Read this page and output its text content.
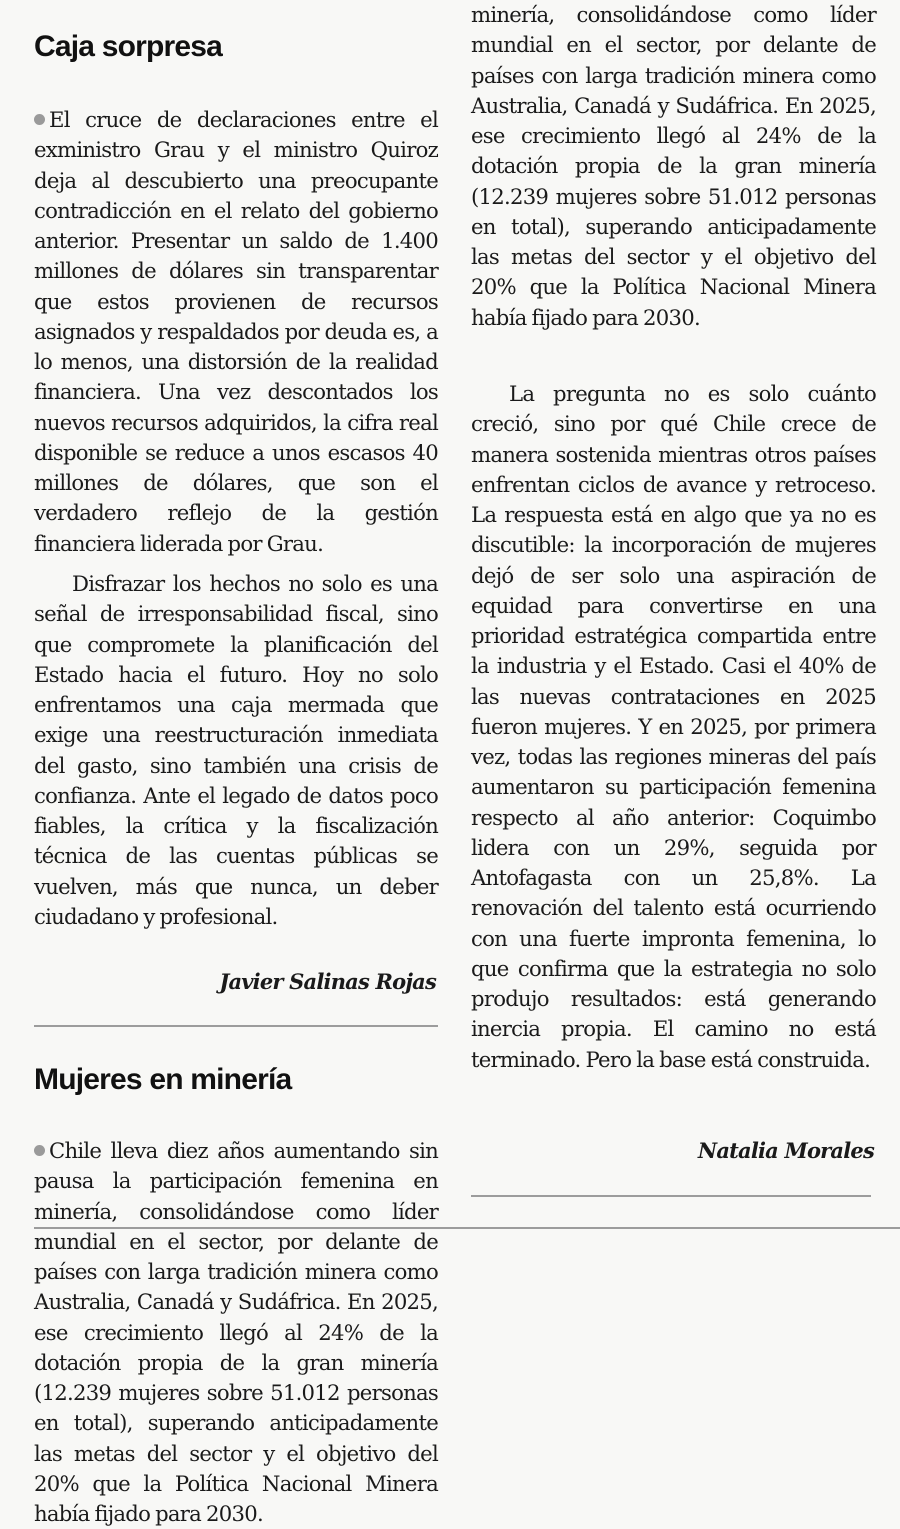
Caja sorpresa

El cruce de declaraciones entre el exministro Grau y el ministro Quiroz deja al descubierto una preocupante contradicción en el relato del gobierno anterior. Presentar un saldo de 1.400 millones de dólares sin transparentar que estos provienen de recursos asignados y respaldados por deuda es, a lo menos, una distorsión de la realidad financiera. Una vez descontados los nuevos recursos adquiridos, la cifra real disponible se reduce a unos escasos 40 millones de dólares, que son el verdadero reflejo de la gestión financiera liderada por Grau.

Disfrazar los hechos no solo es una señal de irresponsabilidad fiscal, sino que compromete la planificación del Estado hacia el futuro. Hoy no solo enfrentamos una caja mermada que exige una reestructuración inmediata del gasto, sino también una crisis de confianza. Ante el legado de datos poco fiables, la crítica y la fiscalización técnica de las cuentas públicas se vuelven, más que nunca, un deber ciudadano y profesional.

Javier Salinas Rojas

Mujeres en minería

Chile lleva diez años aumentando sin pausa la participación femenina en minería, consolidándose como líder mundial en el sector, por delante de países con larga tradición minera como Australia, Canadá y Sudáfrica. En 2025, ese crecimiento llegó al 24% de la dotación propia de la gran minería (12.239 mujeres sobre 51.012 personas en total), superando anticipadamente las metas del sector y el objetivo del 20% que la Política Nacional Minera había fijado para 2030.

La pregunta no es solo cuánto creció, sino por qué Chile crece de manera sostenida mientras otros países enfrentan ciclos de avance y retroceso. La respuesta está en algo que ya no es discutible: la incorporación de mujeres dejó de ser solo una aspiración de equidad para convertirse en una prioridad estratégica compartida entre la industria y el Estado. Casi el 40% de las nuevas contrataciones en 2025 fueron mujeres. Y en 2025, por primera vez, todas las regiones mineras del país aumentaron su participación femenina respecto al año anterior: Coquimbo lidera con un 29%, seguida por Antofagasta con un 25,8%. La renovación del talento está ocurriendo con una fuerte impronta femenina, lo que confirma que la estrategia no solo produjo resultados: está generando inercia propia. El camino no está terminado. Pero la base está construida.

Natalia Morales

minería, consolidándose como líder mundial en el sector, por delante de países con larga tradición minera como Australia, Canadá y Sudáfrica. En 2025, ese crecimiento llegó al 24% de la dotación propia de la gran minería (12.239 mujeres sobre 51.012 personas en total), superando anticipadamente las metas del sector y el objetivo del 20% que la Política Nacional Minera había fijado para 2030.
